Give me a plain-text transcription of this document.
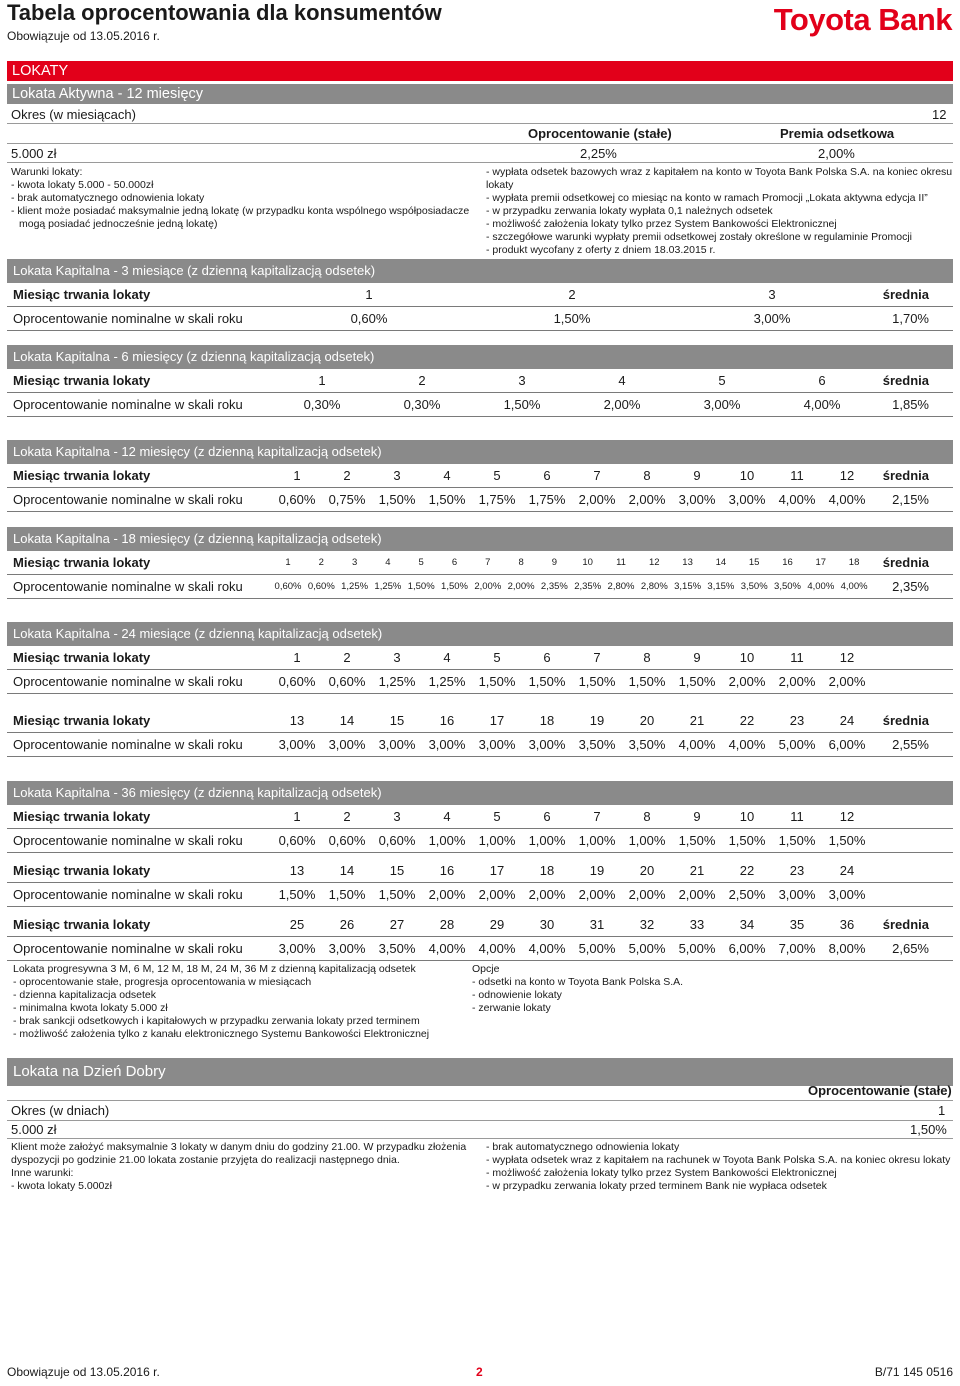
Tabela oprocentowania dla konsumentów
Obowiązuje od 13.05.2016 r.	Toyota Bank
LOKATY
Lokata Aktywna - 12 miesięcy
Okres (w miesiącach)	12
Oprocentowanie (stałe)	Premia odsetkowa
5.000 zł	2,25%	2,00%
Warunki lokaty:
- kwota lokaty 5.000 - 50.000zł
- brak automatycznego odnowienia lokaty
- klient może posiadać maksymalnie jedną lokatę (w przypadku konta wspólnego współposiadacze
mogą posiadać jednocześnie jedną lokatę)
- wypłata odsetek bazowych wraz z kapitałem na konto w Toyota Bank Polska S.A. na koniec okresu lokaty
- wypłata premii odsetkowej co miesiąc na konto w ramach Promocji „Lokata aktywna edycja II”
- w przypadku zerwania lokaty wypłata 0,1 należnych odsetek
- możliwość założenia lokaty tylko przez System Bankowości Elektronicznej
- szczegółowe warunki wypłaty premii odsetkowej zostały określone w regulaminie Promocji
- produkt wycofany z oferty z dniem 18.03.2015 r.
Lokata Kapitalna - 3 miesiące (z dzienną kapitalizacją odsetek)
Miesiąc trwania lokaty	1	2	3	średnia
Oprocentowanie nominalne w skali roku	0,60%	1,50%	3,00%	1,70%
Lokata Kapitalna - 6 miesięcy (z dzienną kapitalizacją odsetek)
Miesiąc trwania lokaty	1	2	3	4	5	6	średnia
Oprocentowanie nominalne w skali roku	0,30%	0,30%	1,50%	2,00%	3,00%	4,00%	1,85%
Lokata Kapitalna - 12 miesięcy (z dzienną kapitalizacją odsetek)
Miesiąc trwania lokaty	1	2	3	4	5	6	7	8	9	10	11	12	średnia
Oprocentowanie nominalne w skali roku	0,60% 0,75% 1,50% 1,50% 1,75% 1,75% 2,00% 2,00% 3,00% 3,00% 4,00% 4,00% 2,15%
Lokata Kapitalna - 18 miesięcy (z dzienną kapitalizacją odsetek)
Miesiąc trwania lokaty	1	2	3	4	5	6	7	8	9	10	11	12	13	14	15	16	17	18	średnia
Oprocentowanie nominalne w skali roku	0,60% 0,60% 1,25% 1,25% 1,50% 1,50% 2,00% 2,00% 2,35% 2,35% 2,80% 2,80% 3,15% 3,15% 3,50% 3,50% 4,00% 4,00%	2,35%
Lokata Kapitalna - 24 miesiące (z dzienną kapitalizacją odsetek)
Miesiąc trwania lokaty	1	2	3	4	5	6	7	8	9	10	11	12
Oprocentowanie nominalne w skali roku	0,60% 0,60% 1,25% 1,25% 1,50% 1,50% 1,50% 1,50% 1,50% 2,00% 2,00% 2,00%
Miesiąc trwania lokaty	13	14	15	16	17	18	19	20	21	22	23	24	średnia
Oprocentowanie nominalne w skali roku	3,00% 3,00% 3,00% 3,00% 3,00% 3,00% 3,50% 3,50% 4,00% 4,00% 5,00% 6,00% 2,55%
Lokata Kapitalna - 36 miesięcy (z dzienną kapitalizacją odsetek)
Miesiąc trwania lokaty	1	2	3	4	5	6	7	8	9	10	11	12
Oprocentowanie nominalne w skali roku	0,60% 0,60% 0,60% 1,00% 1,00% 1,00% 1,00% 1,00% 1,50% 1,50% 1,50% 1,50%
Miesiąc trwania lokaty	13	14	15	16	17	18	19	20	21	22	23	24
Oprocentowanie nominalne w skali roku	1,50% 1,50% 1,50% 2,00% 2,00% 2,00% 2,00% 2,00% 2,00% 2,50% 3,00% 3,00%
Miesiąc trwania lokaty	25	26	27	28	29	30	31	32	33	34	35	36	średnia
Oprocentowanie nominalne w skali roku	3,00% 3,00% 3,50% 4,00% 4,00% 4,00% 5,00% 5,00% 5,00% 6,00% 7,00% 8,00% 2,65%
Lokata progresywna 3 M, 6 M, 12 M, 18 M, 24 M, 36 M z dzienną kapitalizacją odsetek
- oprocentowanie stałe, progresja oprocentowania w miesiącach
- dzienna kapitalizacja odsetek
- minimalna kwota lokaty 5.000 zł
- brak sankcji odsetkowych i kapitałowych w przypadku zerwania lokaty przed terminem
- możliwość założenia tylko z kanału elektronicznego Systemu Bankowości Elektronicznej
Opcje
- odsetki na konto w Toyota Bank Polska S.A.
- odnowienie lokaty
- zerwanie lokaty
Lokata na Dzień Dobry
Oprocentowanie (stałe)
Okres (w dniach)	1
5.000 zł	1,50%
Klient może założyć maksymalnie 3 lokaty w danym dniu do godziny 21.00. W przypadku złożenia
dyspozycji po godzinie 21.00 lokata zostanie przyjęta do realizacji następnego dnia.
Inne warunki:
- kwota lokaty 5.000zł
- brak automatycznego odnowienia lokaty
- wypłata odsetek wraz z kapitałem na rachunek w Toyota Bank Polska S.A. na koniec okresu lokaty
- możliwość założenia lokaty tylko przez System Bankowości Elektronicznej
- w przypadku zerwania lokaty przed terminem Bank nie wypłaca odsetek
Obowiązuje od 13.05.2016 r.	2	B/71 145 0516
